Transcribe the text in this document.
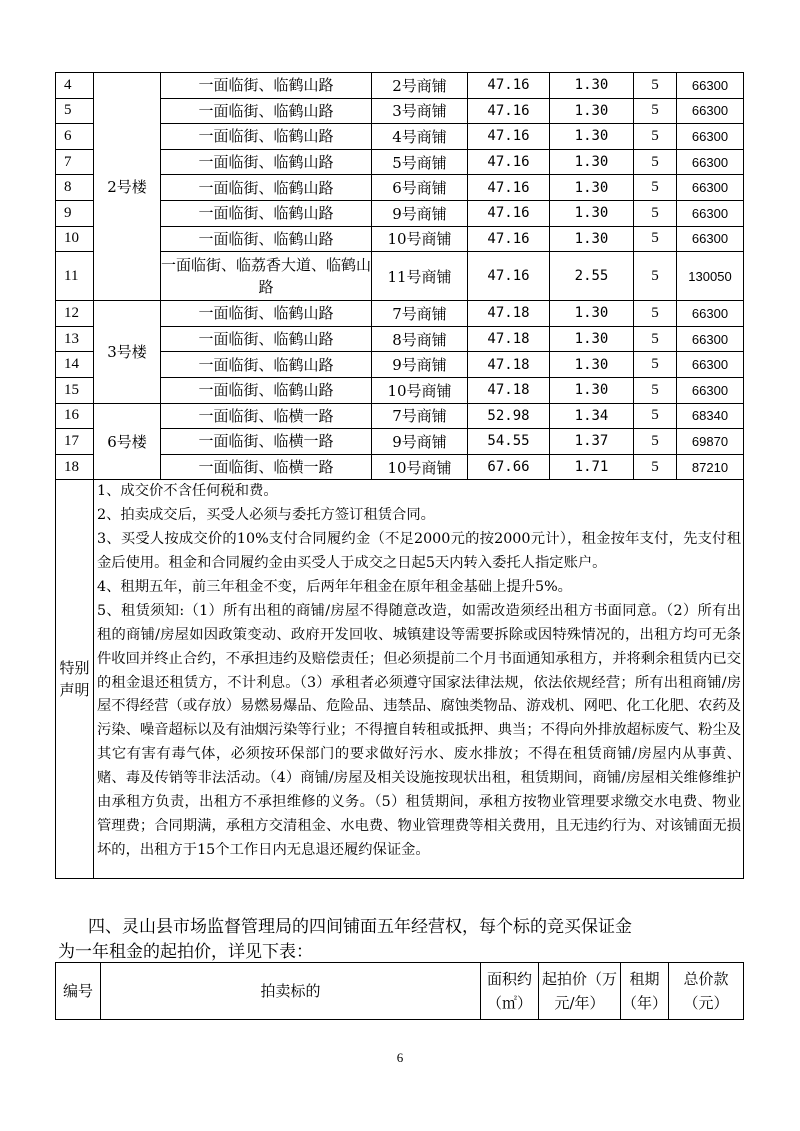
4	2号楼	一面临街、临鹤山路	2号商铺	47.16	1.30	5	66300
5		一面临街、临鹤山路	3号商铺	47.16	1.30	5	66300
6		一面临街、临鹤山路	4号商铺	47.16	1.30	5	66300
7		一面临街、临鹤山路	5号商铺	47.16	1.30	5	66300
8		一面临街、临鹤山路	6号商铺	47.16	1.30	5	66300
9		一面临街、临鹤山路	9号商铺	47.16	1.30	5	66300
10		一面临街、临鹤山路	10号商铺	47.16	1.30	5	66300
11		一面临街、临荔香大道、临鹤山路	11号商铺	47.16	2.55	5	130050
12	3号楼	一面临街、临鹤山路	7号商铺	47.18	1.30	5	66300
13		一面临街、临鹤山路	8号商铺	47.18	1.30	5	66300
14		一面临街、临鹤山路	9号商铺	47.18	1.30	5	66300
15		一面临街、临鹤山路	10号商铺	47.18	1.30	5	66300
16	6号楼	一面临街、临横一路	7号商铺	52.98	1.34	5	68340
17		一面临街、临横一路	9号商铺	54.55	1.37	5	69870
18		一面临街、临横一路	10号商铺	67.66	1.71	5	87210
特别声明	1、成交价不含任何税和费。

2、拍卖成交后，买受人必须与委托方签订租赁合同。

3、买受人按成交价的10%支付合同履约金（不足2000元的按2000元计），租金按年支付，先支付租金后使用。租金和合同履约金由买受人于成交之日起5天内转入委托人指定账户。

4、租期五年，前三年租金不变，后两年年租金在原年租金基础上提升5%。

5、租赁须知:（1）所有出租的商铺/房屋不得随意改造，如需改造须经出租方书面同意。（2）所有出租的商铺/房屋如因政策变动、政府开发回收、城镇建设等需要拆除或因特殊情况的，出租方均可无条件收回并终止合约，不承担违约及赔偿责任；但必须提前二个月书面通知承租方，并将剩余租赁内已交的租金退还租赁方，不计利息。（3）承租者必须遵守国家法律法规，依法依规经营；所有出租商铺/房屋不得经营（或存放）易燃易爆品、危险品、违禁品、腐蚀类物品、游戏机、网吧、化工化肥、农药及污染、噪音超标以及有油烟污染等行业；不得擅自转租或抵押、典当；不得向外排放超标废气、粉尘及其它有害有毒气体，必须按环保部门的要求做好污水、废水排放；不得在租赁商铺/房屋内从事黄、赌、毒及传销等非法活动。（4）商铺/房屋及相关设施按现状出租，租赁期间，商铺/房屋相关维修维护由承租方负责，出租方不承担维修的义务。（5）租赁期间，承租方按物业管理要求缴交水电费、物业管理费；合同期满，承租方交清租金、水电费、物业管理费等相关费用，且无违约行为、对该铺面无损坏的，出租方于15个工作日内无息退还履约保证金。						

四、灵山县市场监督管理局的四间铺面五年经营权，每个标的竞买保证金
为一年租金的起拍价，详见下表：
编号	拍卖标的	面积约（㎡）	起拍价（万元/年）	租期（年）	总价款（元）
6
